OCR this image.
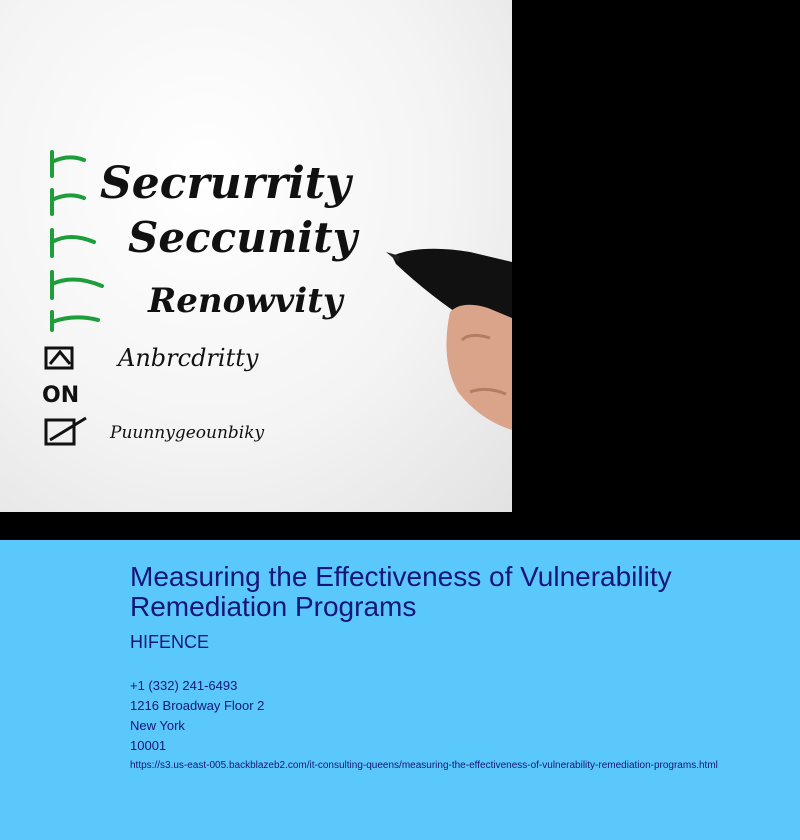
Secrurrity
Seccunity
Renowvity
Anbrcdritty
ON
Puunnygeounbiky
Measuring the Effectiveness of Vulnerability Remediation Programs
HIFENCE
+1 (332) 241-6493
1216 Broadway Floor 2
New York
10001
https://s3.us-east-005.backblazeb2.com/it-consulting-queens/measuring-the-effectiveness-of-vulnerability-remediation-programs.html
